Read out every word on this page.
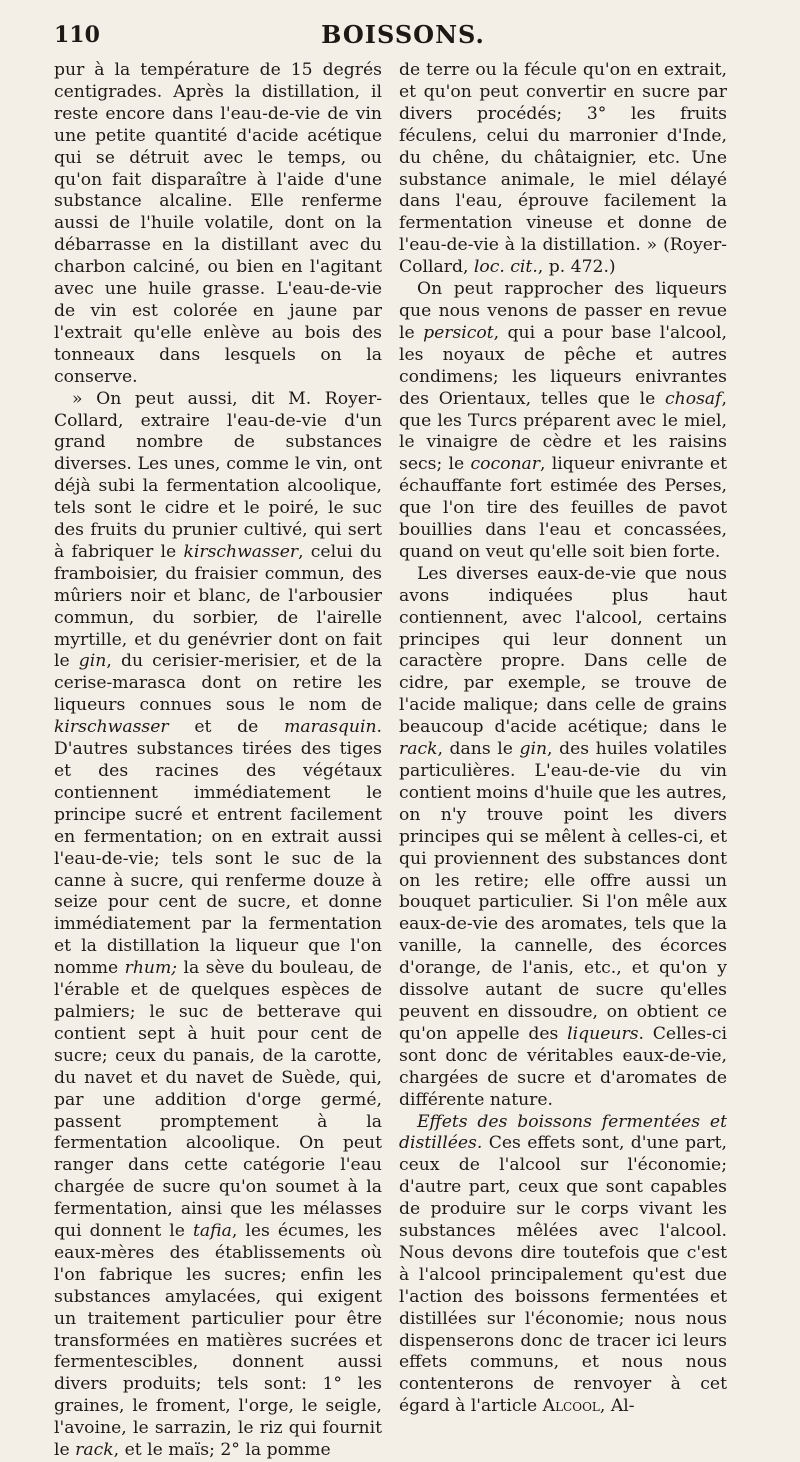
110	BOISSONS.

pur à la température de 15 degrés centigrades. Après la distillation, il reste encore dans l'eau-de-vie de vin une petite quantité d'acide acétique qui se détruit avec le temps, ou qu'on fait disparaître à l'aide d'une substance alcaline. Elle renferme aussi de l'huile volatile, dont on la débarrasse en la distillant avec du charbon calciné, ou bien en l'agitant avec une huile grasse. L'eau-de-vie de vin est colorée en jaune par l'extrait qu'elle enlève au bois des tonneaux dans lesquels on la conserve.

» On peut aussi, dit M. Royer-Collard, extraire l'eau-de-vie d'un grand nombre de substances diverses. Les unes, comme le vin, ont déjà subi la fermentation alcoolique, tels sont le cidre et le poiré, le suc des fruits du prunier cultivé, qui sert à fabriquer le kirschwasser, celui du framboisier, du fraisier commun, des mûriers noir et blanc, de l'arbousier commun, du sorbier, de l'airelle myrtille, et du genévrier dont on fait le gin, du cerisier-merisier, et de la cerise-marasca dont on retire les liqueurs connues sous le nom de kirschwasser et de marasquin. D'autres substances tirées des tiges et des racines des végétaux contiennent immédiatement le principe sucré et entrent facilement en fermentation; on en extrait aussi l'eau-de-vie; tels sont le suc de la canne à sucre, qui renferme douze à seize pour cent de sucre, et donne immédiatement par la fermentation et la distillation la liqueur que l'on nomme rhum; la sève du bouleau, de l'érable et de quelques espèces de palmiers; le suc de betterave qui contient sept à huit pour cent de sucre; ceux du panais, de la carotte, du navet et du navet de Suède, qui, par une addition d'orge germé, passent promptement à la fermentation alcoolique. On peut ranger dans cette catégorie l'eau chargée de sucre qu'on soumet à la fermentation, ainsi que les mélasses qui donnent le tafia, les écumes, les eaux-mères des établissements où l'on fabrique les sucres; enfin les substances amylacées, qui exigent un traitement particulier pour être transformées en matières sucrées et fermentescibles, donnent aussi divers produits; tels sont: 1° les graines, le froment, l'orge, le seigle, l'avoine, le sarrazin, le riz qui fournit le rack, et le maïs; 2° la pomme

de terre ou la fécule qu'on en extrait, et qu'on peut convertir en sucre par divers procédés; 3° les fruits féculens, celui du marronier d'Inde, du chêne, du châtaignier, etc. Une substance animale, le miel délayé dans l'eau, éprouve facilement la fermentation vineuse et donne de l'eau-de-vie à la distillation. » (Royer-Collard, loc. cit., p. 472.)

On peut rapprocher des liqueurs que nous venons de passer en revue le persicot, qui a pour base l'alcool, les noyaux de pêche et autres condimens; les liqueurs enivrantes des Orientaux, telles que le chosaf, que les Turcs préparent avec le miel, le vinaigre de cèdre et les raisins secs; le coconar, liqueur enivrante et échauffante fort estimée des Perses, que l'on tire des feuilles de pavot bouillies dans l'eau et concassées, quand on veut qu'elle soit bien forte.

Les diverses eaux-de-vie que nous avons indiquées plus haut contiennent, avec l'alcool, certains principes qui leur donnent un caractère propre. Dans celle de cidre, par exemple, se trouve de l'acide malique; dans celle de grains beaucoup d'acide acétique; dans le rack, dans le gin, des huiles volatiles particulières. L'eau-de-vie du vin contient moins d'huile que les autres, on n'y trouve point les divers principes qui se mêlent à celles-ci, et qui proviennent des substances dont on les retire; elle offre aussi un bouquet particulier. Si l'on mêle aux eaux-de-vie des aromates, tels que la vanille, la cannelle, des écorces d'orange, de l'anis, etc., et qu'on y dissolve autant de sucre qu'elles peuvent en dissoudre, on obtient ce qu'on appelle des liqueurs. Celles-ci sont donc de véritables eaux-de-vie, chargées de sucre et d'aromates de différente nature.

Effets des boissons fermentées et distillées. Ces effets sont, d'une part, ceux de l'alcool sur l'économie; d'autre part, ceux que sont capables de produire sur le corps vivant les substances mêlées avec l'alcool. Nous devons dire toutefois que c'est à l'alcool principalement qu'est due l'action des boissons fermentées et distillées sur l'économie; nous nous dispenserons donc de tracer ici leurs effets communs, et nous nous contenterons de renvoyer à cet égard à l'article Alcool, Al-
